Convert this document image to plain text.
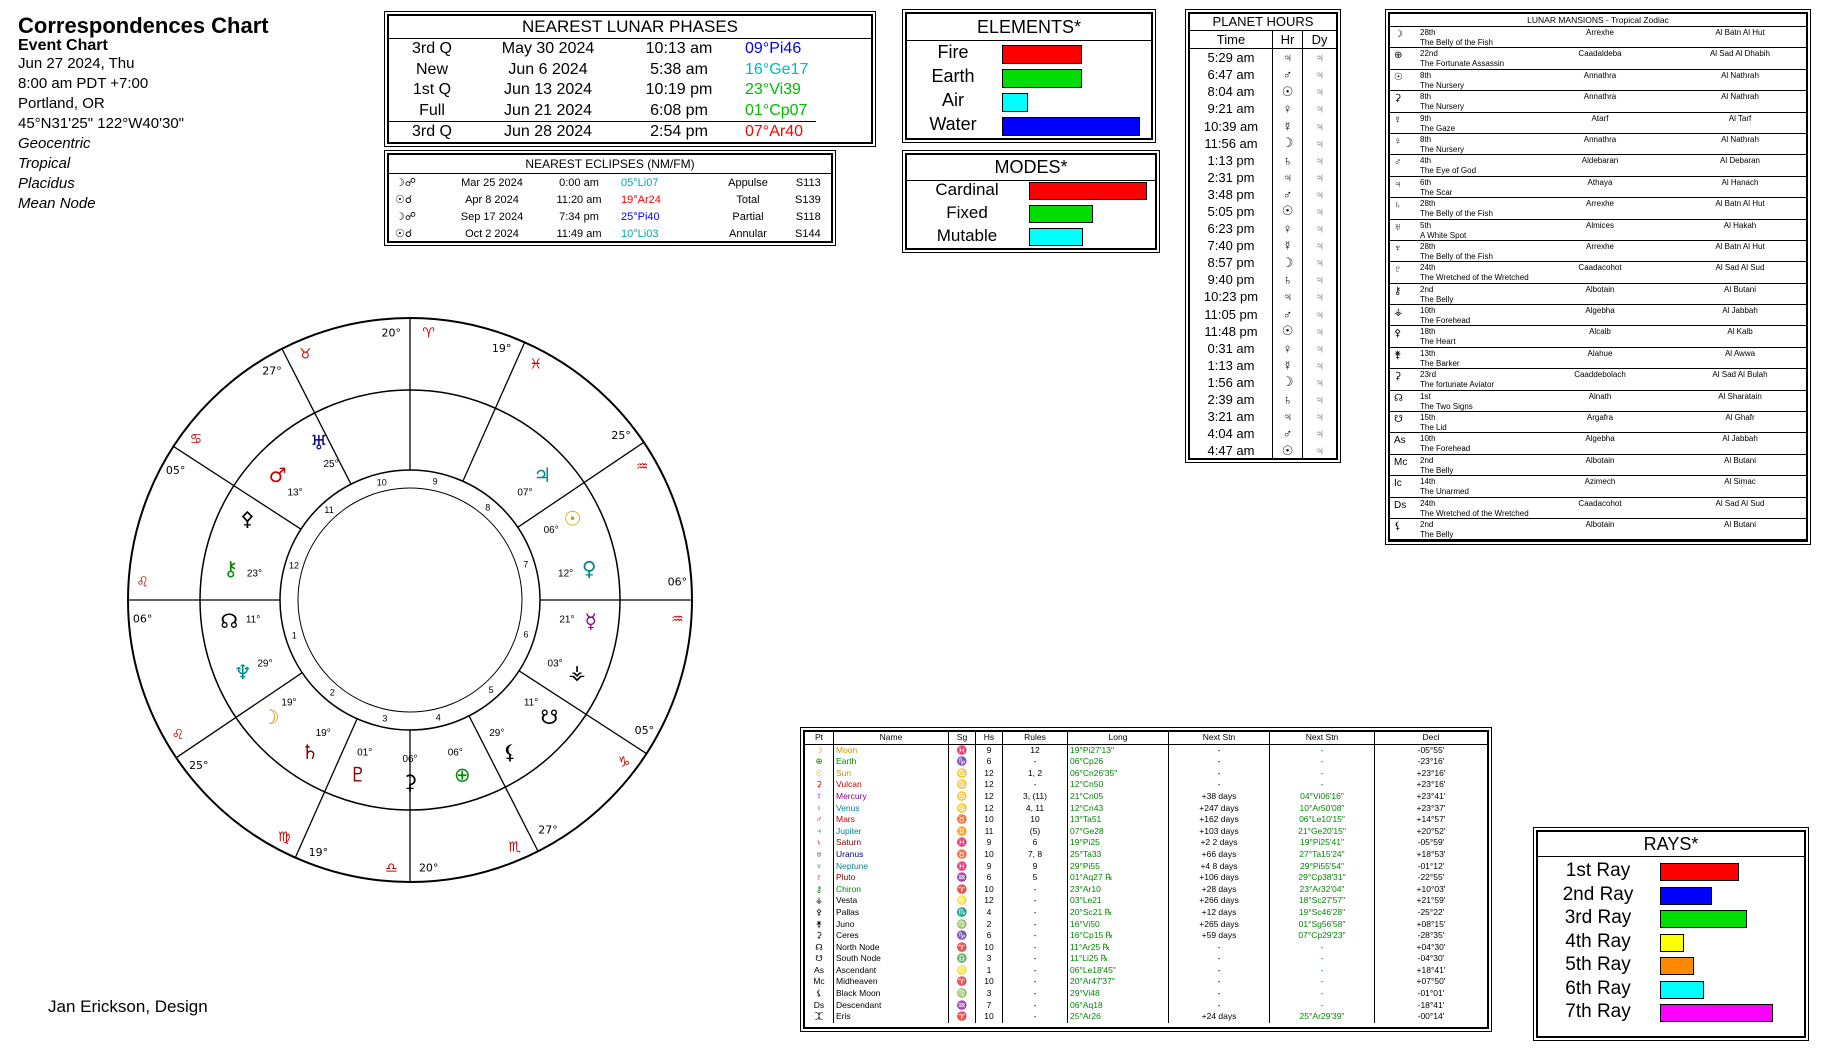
Correspondences Chart
Event Chart
Jun 27 2024, Thu
8:00 am PDT +7:00
Portland, OR
45°N31'25" 122°W40'30"
Geocentric
Tropical
Placidus
Mean Node
NEAREST LUNAR PHASES
3rd Q	May 30 2024	10:13 am	09°Pi46
New	Jun 6 2024	5:38 am	16°Ge17
1st Q	Jun 13 2024	10:19 pm	23°Vi39
Full	Jun 21 2024	6:08 pm	01°Cp07
3rd Q	Jun 28 2024	2:54 pm	07°Ar40
NEAREST ECLIPSES (NM/FM)
☽☍	Mar 25 2024	0:00 am	05°Li07	Appulse	S113
☉☌	Apr 8 2024	11:20 am	19°Ar24	Total	S139
☽☍	Sep 17 2024	7:34 pm	25°Pi40	Partial	S118
☉☌	Oct 2 2024	11:49 am	10°Li03	Annular	S144
ELEMENTS*
Fire
Earth
Air
Water
MODES*
Cardinal
Fixed
Mutable
PLANET HOURS
Time	Hr	Dy
5:29 am	♃	♃
6:47 am	♂	♃
8:04 am	☉	♃
9:21 am	♀	♃
10:39 am	☿	♃
11:56 am	☽	♃
1:13 pm	♄	♃
2:31 pm	♃	♃
3:48 pm	♂	♃
5:05 pm	☉	♃
6:23 pm	♀	♃
7:40 pm	☿	♃
8:57 pm	☽	♃
9:40 pm	♄	♃
10:23 pm	♃	♃
11:05 pm	♂	♃
11:48 pm	☉	♃
0:31 am	♀	♃
1:13 am	☿	♃
1:56 am	☽	♃
2:39 am	♄	♃
3:21 am	♃	♃
4:04 am	♂	♃
4:47 am	☉	♃
LUNAR MANSIONS - Tropical Zodiac
☽ 28th	Arrexhe	Al Batn Al Hut
The Belly of the Fish
⊕ 22nd	Caadaldeba	Al Sad Al Dhabih
The Fortunate Assassin
☉ 8th	Annathra	Al Nathrah
The Nursery
⚳ 8th	Annathra	Al Nathrah
The Nursery
☿ 9th	Atarf	Al Tarf
The Gaze
♀ 8th	Annathra	Al Nathrah
The Nursery
♂ 4th	Aldebaran	Al Debaran
The Eye of God
♃ 6th	Athaya	Al Hanach
The Scar
♄ 28th	Arrexhe	Al Batn Al Hut
The Belly of the Fish
♅ 5th	Almices	Al Hakah
A White Spot
♆ 28th	Arrexhe	Al Batn Al Hut
The Belly of the Fish
♇ 24th	Caadacohot	Al Sad Al Sud
The Wretched of the Wretched
⚷ 2nd	Albotain	Al Butani
The Belly
⚶ 10th	Algebha	Al Jabbah
The Forehead
⚴ 18th	Alcalb	Al Kalb
The Heart
⚵ 13th	Alahue	Al Awwa
The Barker
⚳ 23rd	Caaddebolach	Al Sad Al Bulah
The fortunate Aviator
☊ 1st	Alnath	Al Sharatain
The Two Signs
☋ 15th	Argafra	Al Ghafr
The Lid
As 10th	Algebha	Al Jabbah
The Forehead
Mc 2nd	Albotain	Al Butani
The Belly
Ic 14th	Azimech	Al Simac
The Unarmed
Ds 24th	Caadacohot	Al Sad Al Sud
The Wretched of the Wretched
⚸ 2nd	Albotain	Al Butani
The Belly
Pt	Name	Sg	Hs	Rules	Long	Next Stn	Next Stn	Decl
☽	Moon	♓	9	12	19°Pi27'13"	-	-	-05°55'
⊕	Earth	♑	6	-	06°Cp26	-	-	-23°16'
☉	Sun	♋	12	1, 2	06°Cn26'35"	-	-	+23°16'
⚳	Vulcan	♋	12	-	12°Cn50	-	-	+23°16'
☿	Mercury	♋	12	3, (11)	21°Cn05	+38 days	04°Vi06'16"	+23°41'
♀	Venus	♋	12	4, 11	12°Cn43	+247 days	10°Ar50'08"	+23°37'
♂	Mars	♉	10	10	13°Ta51	+162 days	06°Le10'15"	+14°57'
♃	Jupiter	♊	11	(5)	07°Ge28	+103 days	21°Ge20'15"	+20°52'
♄	Saturn	♓	9	6	19°Pi25	+2 2 days	19°Pi25'41"	-05°59'
♅	Uranus	♉	10	7, 8	25°Ta33	+66 days	27°Ta15'24"	+18°53'
♆	Neptune	♓	9	9	29°Pi55	+4 8 days	29°Pi55'54"	-01°12'
♇	Pluto	♒	6	5	01°Aq27 ℞	+106 days	29°Cp38'31"	-22°55'
⚷	Chiron	♈	10	-	23°Ar10	+28 days	23°Ar32'04"	+10°03'
⚶	Vesta	♌	12	-	03°Le21	+266 days	18°Sc27'57"	+21°59'
⚴	Pallas	♏	4	-	20°Sc21 ℞	+12 days	19°Sc46'28"	-25°22'
⚵	Juno	♍	2	-	16°Vi50	+265 days	01°Sg56'58"	+08°15'
⚳	Ceres	♑	6	-	16°Cp15 ℞	+59 days	07°Cp29'23"	-28°35'
☊	North Node	♈	10	-	11°Ar25 ℞	-	-	+04°30'
☋	South Node	♎	3	-	11°Li25 ℞	-	-	-04°30'
As	Ascendant	♌	1	-	06°Le18'45"	-	-	+18°41'
Mc	Midheaven	♈	10	-	20°Ar47'37"	-	-	+07°50'
⚸	Black Moon	♍	3	-	29°Vi48	-	-	-01°01'
Ds	Descendant	♒	7	-	06°Aq18	-	-	-18°41'
⯰	Eris	♈	10	-	25°Ar26	+24 days	25°Ar29'39"	-00°14'
RAYS*
1st Ray
2nd Ray
3rd Ray
4th Ray
5th Ray
6th Ray
7th Ray
Jan Erickson, Design
1
2
3	4
5
6
7
8
9
10
11
12
06°
♌
25°
♌
19°
♍
20°
♎
27°
♏
05°
♑
06°
♒
25°
♒
19°
♓
20° ♈
27°
♉
05°
♋	♅
25°
♂
13°
⚴
⚷ 23°
☊ 11°
♆ 29°
☽
19°
♄
19°
♇
01°
⚳
06°
⊕
06° ⚸
29°
☋
11°
⚶
03°
☿
21°
♀
12°
☉
06°
♃
07°
